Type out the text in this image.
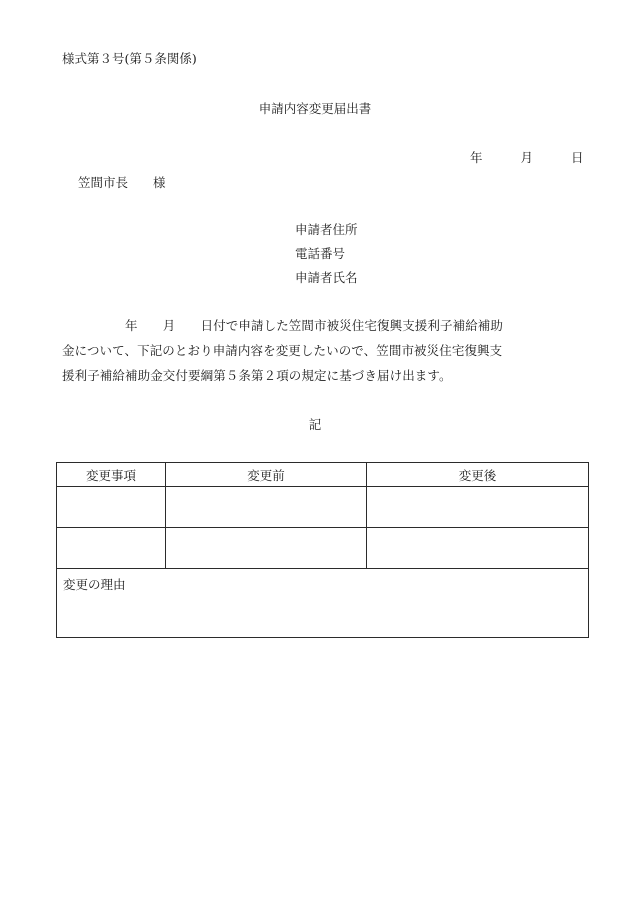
様式第３号(第５条関係)
申請内容変更届出書
年	月	日
笠間市長　　様
申請者住所
電話番号
申請者氏名

　　　　　年　　月　　日付で申請した笠間市被災住宅復興支援利子補給補助

金について、下記のとおり申請内容を変更したいので、笠間市被災住宅復興支

援利子補給補助金交付要綱第５条第２項の規定に基づき届け出ます。

記
変更事項	変更前	変更後

変更の理由		
